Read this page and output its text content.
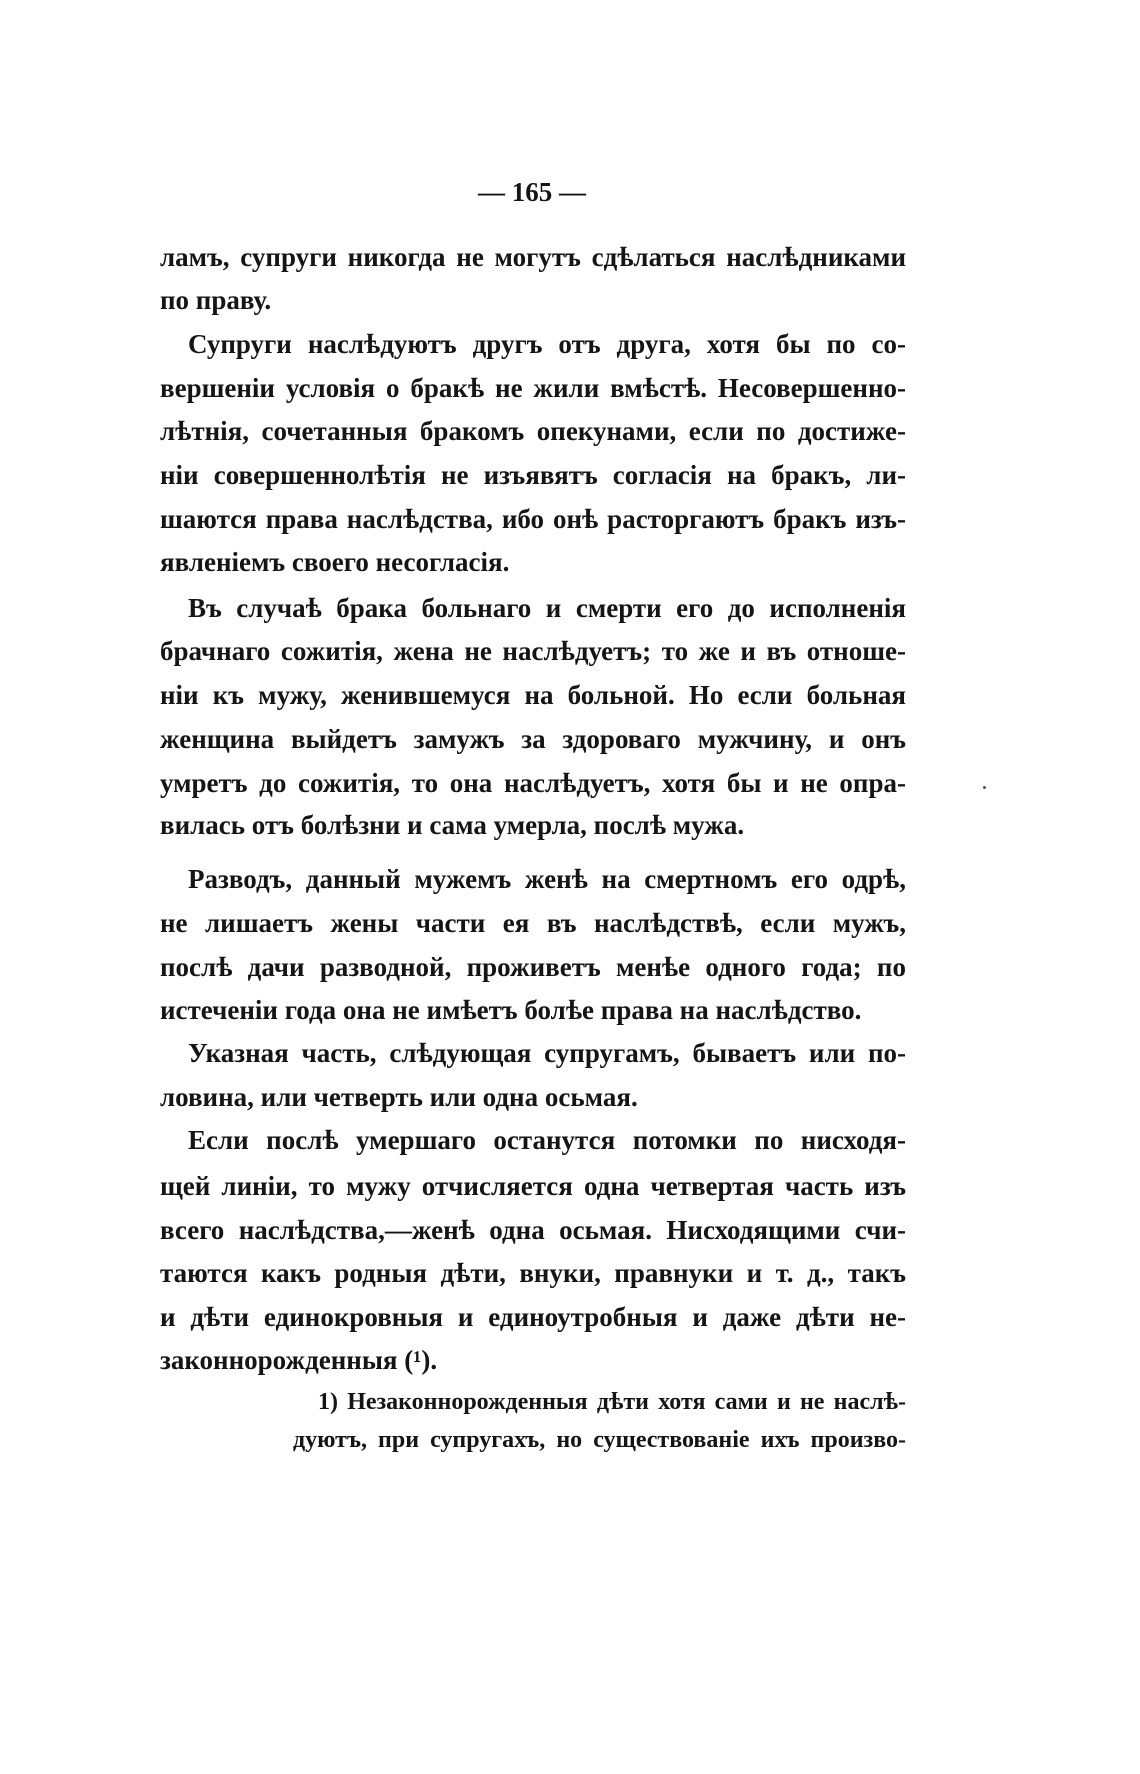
— 165 —
ламъ, супруги никогда не могутъ сдѣлаться наслѣдниками
по праву.
Супруги наслѣдуютъ другъ отъ друга, хотя бы по со-
вершеніи условія о бракѣ не жили вмѣстѣ. Несовершенно-
лѣтнія, сочетанныя бракомъ опекунами, если по достиже-
ніи совершеннолѣтія не изъявятъ согласія на бракъ, ли-
шаются права наслѣдства, ибо онѣ расторгаютъ бракъ изъ-
явленіемъ своего несогласія.
Въ случаѣ брака больнаго и смерти его до исполненія
брачнаго сожитія, жена не наслѣдуетъ; то же и въ отноше-
ніи къ мужу, женившемуся на больной. Но если больная
женщина выйдетъ замужъ за здороваго мужчину, и онъ
умретъ до сожитія, то она наслѣдуетъ, хотя бы и не опра-
вилась отъ болѣзни и сама умерла, послѣ мужа.
Разводъ, данный мужемъ женѣ на смертномъ его одрѣ,
не лишаетъ жены части ея въ наслѣдствѣ, если мужъ,
послѣ дачи разводной, проживетъ менѣе одного года; по
истеченіи года она не имѣетъ болѣе права на наслѣдство.
Указная часть, слѣдующая супругамъ, бываетъ или по-
ловина, или четверть или одна осьмая.
Если послѣ умершаго останутся потомки по нисходя-
щей линіи, то мужу отчисляется одна четвертая часть изъ
всего наслѣдства,—женѣ одна осьмая. Нисходящими счи-
таются какъ родныя дѣти, внуки, правнуки и т. д., такъ
и дѣти единокровныя и единоутробныя и даже дѣти не-
законнорожденныя (¹).
1) Незаконнорожденныя дѣти хотя сами и не наслѣ-
дуютъ, при супругахъ, но существованіе ихъ произво-
